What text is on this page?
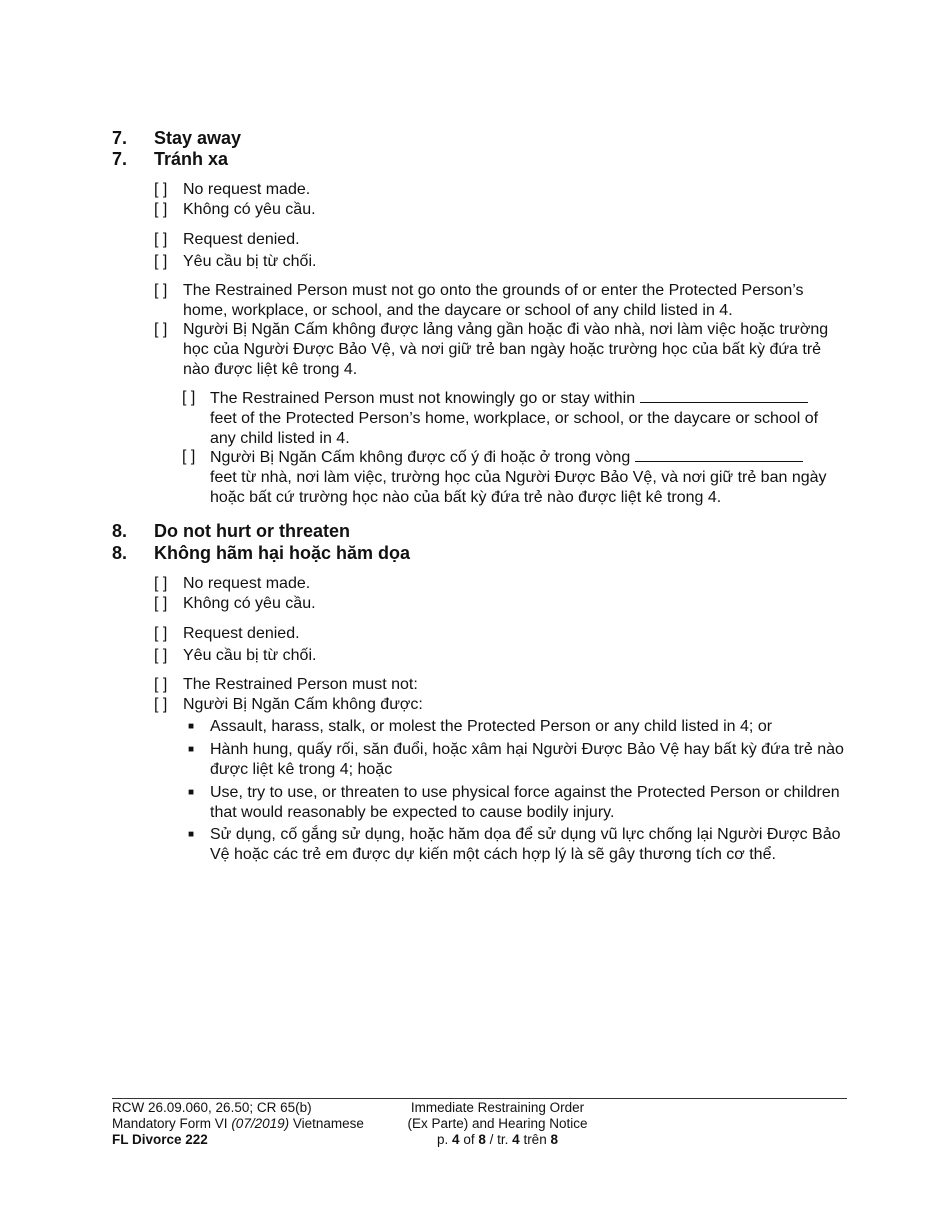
7. Stay away
7. Tránh xa
[ ] No request made.
[ ] Không có yêu cầu.
[ ] Request denied.
[ ] Yêu cầu bị từ chối.
[ ] The Restrained Person must not go onto the grounds of or enter the Protected Person’s home, workplace, or school, and the daycare or school of any child listed in 4.
[ ] Người Bị Ngăn Cấm không được lảng vảng gần hoặc đi vào nhà, nơi làm việc hoặc trường học của Người Được Bảo Vệ, và nơi giữ trẻ ban ngày hoặc trường học của bất kỳ đứa trẻ nào được liệt kê trong 4.
[ ] The Restrained Person must not knowingly go or stay within
feet of the Protected Person’s home, workplace, or school, or the daycare or school of any child listed in 4.
[ ] Người Bị Ngăn Cấm không được cố ý đi hoặc ở trong vòng
feet từ nhà, nơi làm việc, trường học của Người Được Bảo Vệ, và nơi giữ trẻ ban ngày hoặc bất cứ trường học nào của bất kỳ đứa trẻ nào được liệt kê trong 4.
8. Do not hurt or threaten
8. Không hãm hại hoặc hăm dọa
[ ] No request made.
[ ] Không có yêu cầu.
[ ] Request denied.
[ ] Yêu cầu bị từ chối.
[ ] The Restrained Person must not:
[ ] Người Bị Ngăn Cấm không được:
■ Assault, harass, stalk, or molest the Protected Person or any child listed in 4; or
■ Hành hung, quấy rối, săn đuổi, hoặc xâm hại Người Được Bảo Vệ hay bất kỳ đứa trẻ nào được liệt kê trong 4; hoặc
■ Use, try to use, or threaten to use physical force against the Protected Person or children that would reasonably be expected to cause bodily injury.
■ Sử dụng, cố gắng sử dụng, hoặc hăm dọa để sử dụng vũ lực chống lại Người Được Bảo Vệ hoặc các trẻ em được dự kiến một cách hợp lý là sẽ gây thương tích cơ thể.
RCW 26.09.060, 26.50; CR 65(b)
Mandatory Form VI (07/2019) Vietnamese
FL Divorce 222
Immediate Restraining Order
(Ex Parte) and Hearing Notice
p. 4 of 8 / tr. 4 trên 8
